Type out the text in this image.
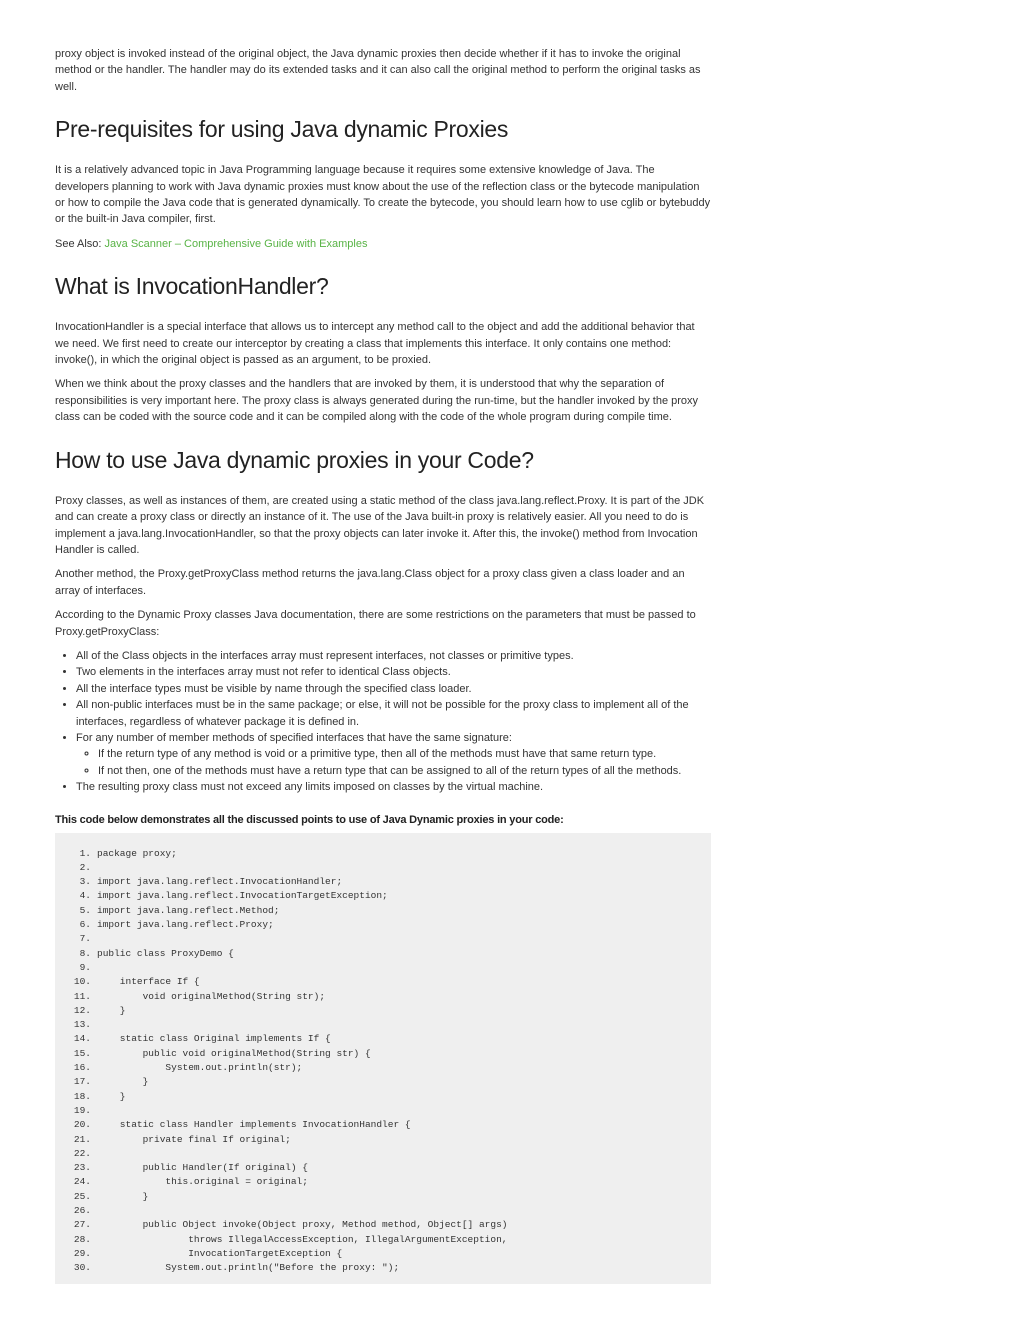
proxy object is invoked instead of the original object, the Java dynamic proxies then decide whether if it has to invoke the original method or the handler. The handler may do its extended tasks and it can also call the original method to perform the original tasks as well.

Pre-requisites for using Java dynamic Proxies

It is a relatively advanced topic in Java Programming language because it requires some extensive knowledge of Java. The developers planning to work with Java dynamic proxies must know about the use of the reflection class or the bytecode manipulation or how to compile the Java code that is generated dynamically. To create the bytecode, you should learn how to use cglib or bytebuddy or the built-in Java compiler, first.

See Also: Java Scanner – Comprehensive Guide with Examples

What is InvocationHandler?

InvocationHandler is a special interface that allows us to intercept any method call to the object and add the additional behavior that we need. We first need to create our interceptor by creating a class that implements this interface. It only contains one method: invoke(), in which the original object is passed as an argument, to be proxied.

When we think about the proxy classes and the handlers that are invoked by them, it is understood that why the separation of responsibilities is very important here. The proxy class is always generated during the run-time, but the handler invoked by the proxy class can be coded with the source code and it can be compiled along with the code of the whole program during compile time.

How to use Java dynamic proxies in your Code?

Proxy classes, as well as instances of them, are created using a static method of the class java.lang.reflect.Proxy. It is part of the JDK and can create a proxy class or directly an instance of it. The use of the Java built-in proxy is relatively easier. All you need to do is implement a java.lang.InvocationHandler, so that the proxy objects can later invoke it. After this, the invoke() method from Invocation Handler is called.

Another method, the Proxy.getProxyClass method returns the java.lang.Class object for a proxy class given a class loader and an array of interfaces.

According to the Dynamic Proxy classes Java documentation, there are some restrictions on the parameters that must be passed to Proxy.getProxyClass:

• All of the Class objects in the interfaces array must represent interfaces, not classes or primitive types.
• Two elements in the interfaces array must not refer to identical Class objects.
• All the interface types must be visible by name through the specified class loader.
• All non-public interfaces must be in the same package; or else, it will not be possible for the proxy class to implement all of the interfaces, regardless of whatever package it is defined in.
• For any number of member methods of specified interfaces that have the same signature:
◦ If the return type of any method is void or a primitive type, then all of the methods must have that same return type.
◦ If not then, one of the methods must have a return type that can be assigned to all of the return types of all the methods.
• The resulting proxy class must not exceed any limits imposed on classes by the virtual machine.
This code below demonstrates all the discussed points to use of Java Dynamic proxies in your code:
1. package proxy;
2.
3. import java.lang.reflect.InvocationHandler;
4. import java.lang.reflect.InvocationTargetException;
5. import java.lang.reflect.Method;
6. import java.lang.reflect.Proxy;
7.
8. public class ProxyDemo {
9.
10. interface If {
11. void originalMethod(String str);
12. }
13.
14. static class Original implements If {
15. public void originalMethod(String str) {
16. System.out.println(str);
17. }
18. }
19.
20. static class Handler implements InvocationHandler {
21. private final If original;
22.
23. public Handler(If original) {
24. this.original = original;
25. }
26.
27. public Object invoke(Object proxy, Method method, Object[] args)
28. throws IllegalAccessException, IllegalArgumentException,
29. InvocationTargetException {
30. System.out.println("Before the proxy: ");
